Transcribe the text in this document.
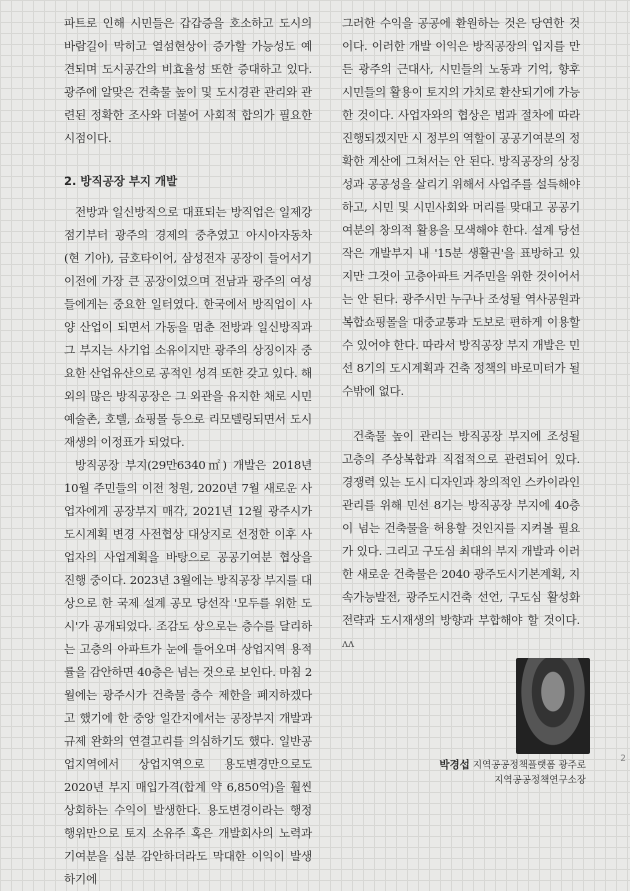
파트로 인해 시민들은 갑갑증을 호소하고 도시의 바람길이 막히고 열섬현상이 증가할 가능성도 예견되며 도시공간의 비효율성 또한 증대하고 있다. 광주에 알맞은 건축물 높이 및 도시경관 관리와 관련된 정확한 조사와 더불어 사회적 합의가 필요한 시점이다.

2. 방직공장 부지 개발

전방과 일신방직으로 대표되는 방직업은 일제강점기부터 광주의 경제의 중추였고 아시아자동차(현 기아), 금호타이어, 삼성전자 공장이 들어서기 이전에 가장 큰 공장이었으며 전남과 광주의 여성들에게는 중요한 일터였다. 한국에서 방직업이 사양 산업이 되면서 가동을 멈춘 전방과 일신방직과 그 부지는 사기업 소유이지만 광주의 상징이자 중요한 산업유산으로 공적인 성격 또한 갖고 있다. 해외의 많은 방직공장은 그 외관을 유지한 채로 시민예술촌, 호텔, 쇼핑몰 등으로 리모델링되면서 도시재생의 이정표가 되었다.

방직공장 부지(29만6340㎡) 개발은 2018년 10월 주민들의 이전 청원, 2020년 7월 새로운 사업자에게 공장부지 매각, 2021년 12월 광주시가 도시계획 변경 사전협상 대상지로 선정한 이후 사업자의 사업계획을 바탕으로 공공기여분 협상을 진행 중이다. 2023년 3월에는 방직공장 부지를 대상으로 한 국제 설계 공모 당선작 '모두를 위한 도시'가 공개되었다. 조감도 상으로는 층수를 달리하는 고층의 아파트가 눈에 들어오며 상업지역 용적률을 감안하면 40층은 넘는 것으로 보인다. 마침 2월에는 광주시가 건축물 층수 제한을 폐지하겠다고 했기에 한 중앙 일간지에서는 공장부지 개발과 규제 완화의 연결고리를 의심하기도 했다. 일반공업지역에서 상업지역으로 용도변경만으로도 2020년 부지 매입가격(합계 약 6,850억)을 훨씬 상회하는 수익이 발생한다. 용도변경이라는 행정행위만으로 토지 소유주 혹은 개발회사의 노력과 기여분을 십분 감안하더라도 막대한 이익이 발생하기에

그러한 수익을 공공에 환원하는 것은 당연한 것이다. 이러한 개발 이익은 방직공장의 입지를 만든 광주의 근대사, 시민들의 노동과 기억, 향후 시민들의 활용이 토지의 가치로 환산되기에 가능한 것이다. 사업자와의 협상은 법과 절차에 따라 진행되겠지만 시 정부의 역할이 공공기여분의 정확한 계산에 그쳐서는 안 된다. 방직공장의 상징성과 공공성을 살리기 위해서 사업주를 설득해야 하고, 시민 및 시민사회와 머리를 맞대고 공공기여분의 창의적 활용을 모색해야 한다. 설계 당선작은 개발부지 내 '15분 생활권'을 표방하고 있지만 그것이 고층아파트 거주민을 위한 것이어서는 안 된다. 광주시민 누구나 조성될 역사공원과 복합쇼핑몰을 대중교통과 도보로 편하게 이용할 수 있어야 한다. 따라서 방직공장 부지 개발은 민선 8기의 도시계획과 건축 정책의 바로미터가 될 수밖에 없다.

건축물 높이 관리는 방직공장 부지에 조성될 고층의 주상복합과 직접적으로 관련되어 있다. 경쟁력 있는 도시 디자인과 창의적인 스카이라인 관리를 위해 민선 8기는 방직공장 부지에 40층이 넘는 건축물을 허용할 것인지를 지켜볼 필요가 있다. 그리고 구도심 최대의 부지 개발과 이러한 새로운 건축물은 2040 광주도시기본계획, 지속가능발전, 광주도시건축 선언, 구도심 활성화 전략과 도시재생의 방향과 부합해야 할 것이다. ʌʌ

박경섭 지역공공정책플랫폼 광주로
지역공공정책연구소장
2
